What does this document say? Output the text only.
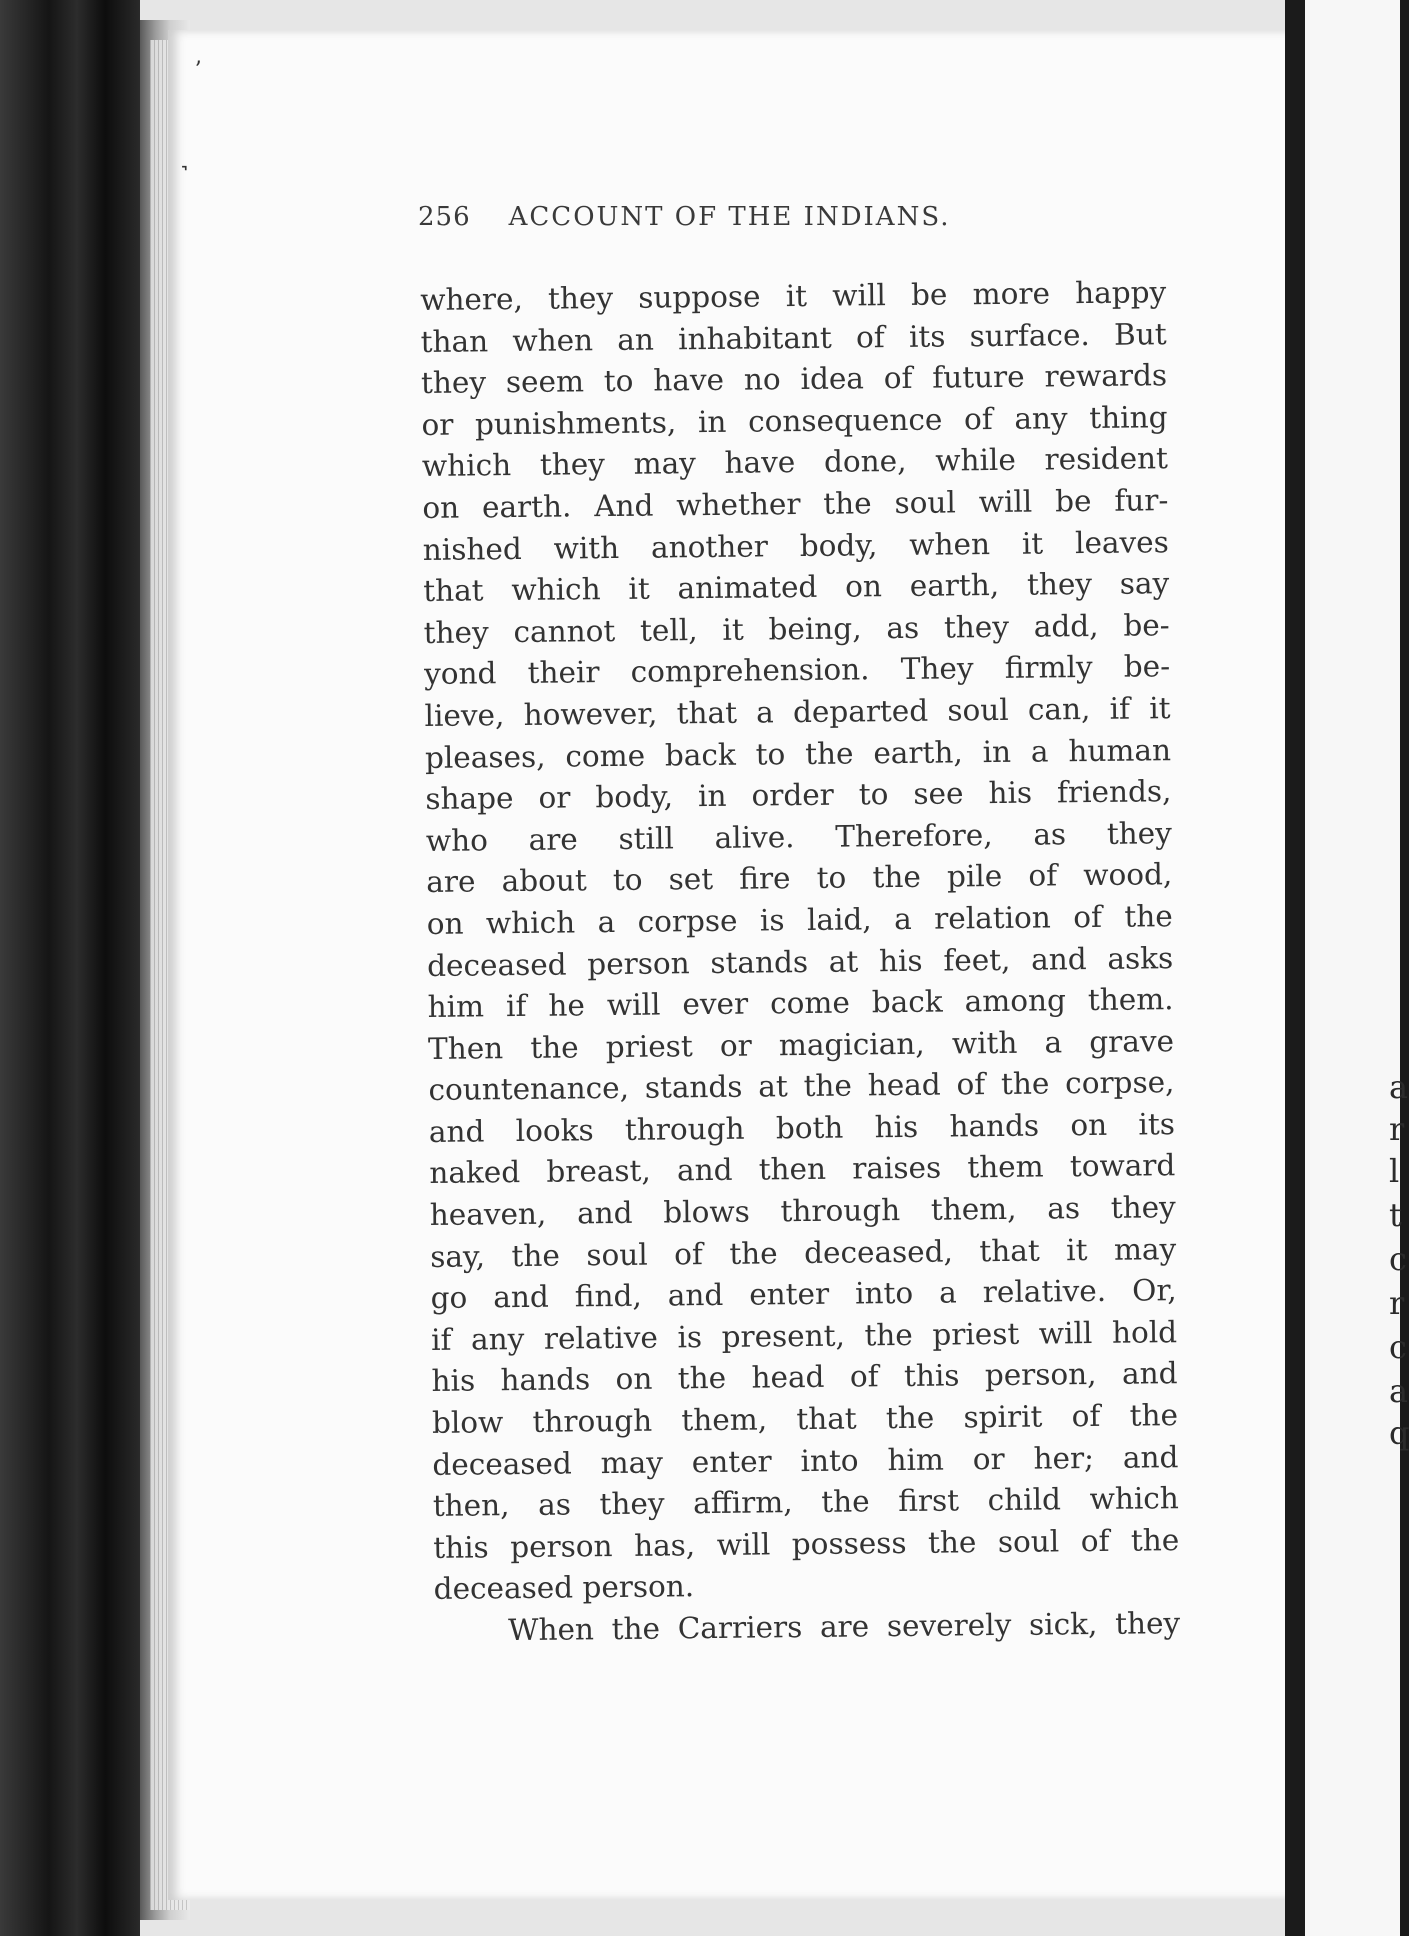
a
r
l
t
c
r
c
a
q
ʼ
˺
256 ACCOUNT OF THE INDIANS.
where, they suppose it will be more happy
than when an inhabitant of its surface. But
they seem to have no idea of future rewards
or punishments, in consequence of any thing
which they may have done, while resident
on earth. And whether the soul will be fur-
nished with another body, when it leaves
that which it animated on earth, they say
they cannot tell, it being, as they add, be-
yond their comprehension. They firmly be-
lieve, however, that a departed soul can, if it
pleases, come back to the earth, in a human
shape or body, in order to see his friends,
who are still alive. Therefore, as they
are about to set fire to the pile of wood,
on which a corpse is laid, a relation of the
deceased person stands at his feet, and asks
him if he will ever come back among them.
Then the priest or magician, with a grave
countenance, stands at the head of the corpse,
and looks through both his hands on its
naked breast, and then raises them toward
heaven, and blows through them, as they
say, the soul of the deceased, that it may
go and find, and enter into a relative. Or,
if any relative is present, the priest will hold
his hands on the head of this person, and
blow through them, that the spirit of the
deceased may enter into him or her; and
then, as they affirm, the first child which
this person has, will possess the soul of the
deceased person.
When the Carriers are severely sick, they
